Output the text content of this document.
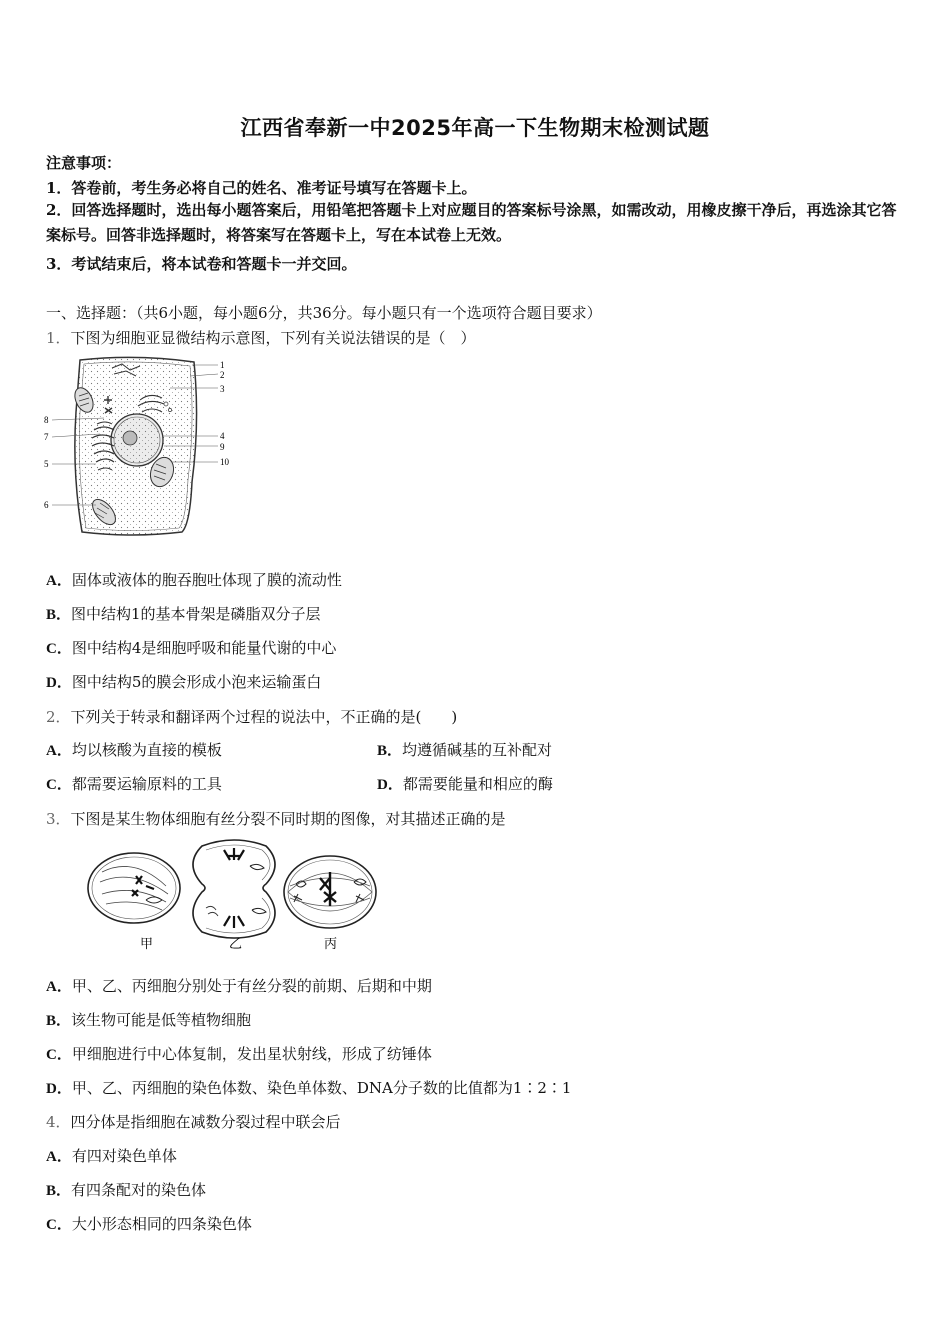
江西省奉新一中2025年高一下生物期末检测试题
注意事项：
1．答卷前，考生务必将自己的姓名、准考证号填写在答题卡上。
2．回答选择题时，选出每小题答案后，用铅笔把答题卡上对应题目的答案标号涂黑，如需改动，用橡皮擦干净后，再选涂其它答案标号。回答非选择题时，将答案写在答题卡上，写在本试卷上无效。
3．考试结束后，将本试卷和答题卡一并交回。
一、选择题：（共6小题，每小题6分，共36分。每小题只有一个选项符合题目要求）
1．下图为细胞亚显微结构示意图，下列有关说法错误的是（　）
1
2
3
8
7	4
9
10
5
6
A．固体或液体的胞吞胞吐体现了膜的流动性
B．图中结构1的基本骨架是磷脂双分子层
C．图中结构4是细胞呼吸和能量代谢的中心
D．图中结构5的膜会形成小泡来运输蛋白
2．下列关于转录和翻译两个过程的说法中，不正确的是(　　)
A．均以核酸为直接的模板	B．均遵循碱基的互补配对
C．都需要运输原料的工具	D．都需要能量和相应的酶
3．下图是某生物体细胞有丝分裂不同时期的图像，对其描述正确的是
甲	乙	丙
A．甲、乙、丙细胞分别处于有丝分裂的前期、后期和中期
B．该生物可能是低等植物细胞
C．甲细胞进行中心体复制，发出星状射线，形成了纺锤体
D．甲、乙、丙细胞的染色体数、染色单体数、DNA分子数的比值都为1∶2∶1
4．四分体是指细胞在减数分裂过程中联会后
A．有四对染色单体
B．有四条配对的染色体
C．大小形态相同的四条染色体
